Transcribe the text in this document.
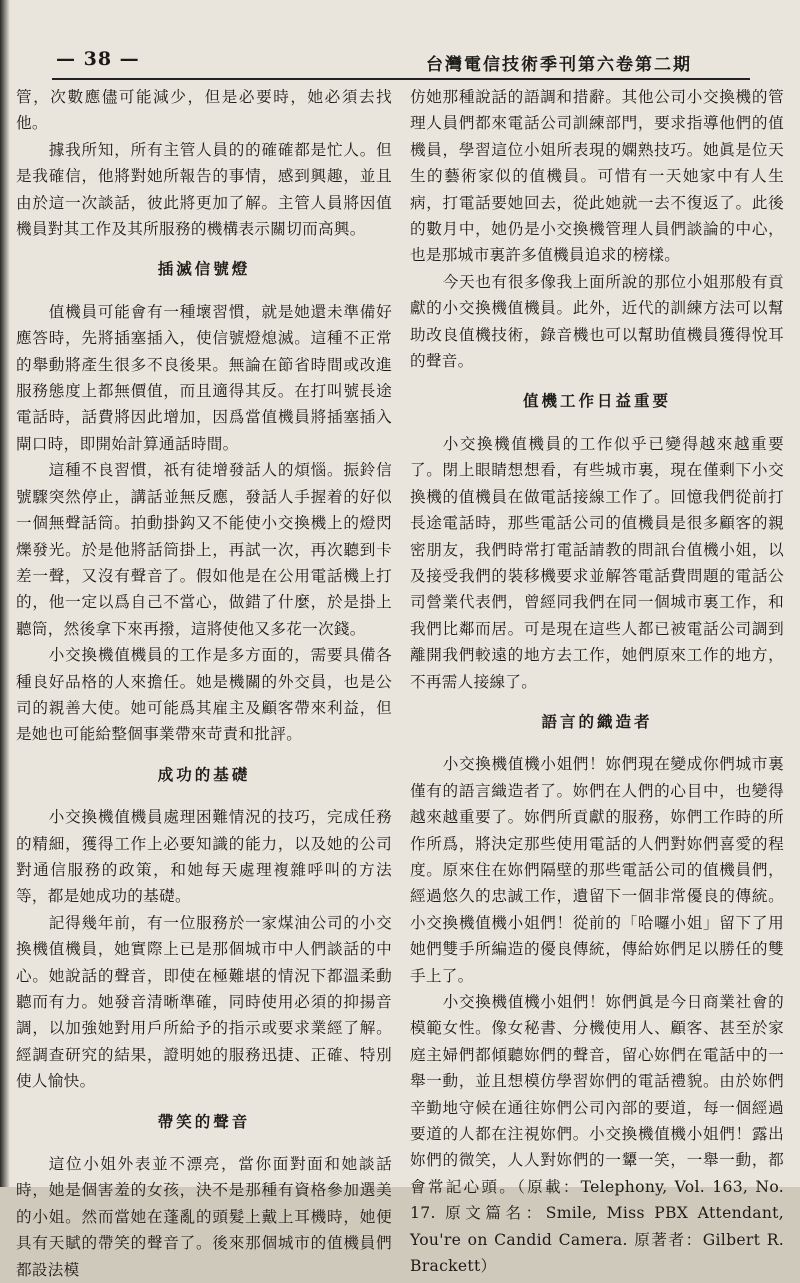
— 38 —	台灣電信技術季刊第六卷第二期

管，次數應儘可能減少，但是必要時，她必須去找他。

據我所知，所有主管人員的的確確都是忙人。但是我確信，他將對她所報告的事情，感到興趣，並且由於這一次談話，彼此將更加了解。主管人員將因值機員對其工作及其所服務的機構表示關切而高興。

插滅信號燈

值機員可能會有一種壞習慣，就是她還未準備好應答時，先將插塞插入，使信號燈熄滅。這種不正常的舉動將產生很多不良後果。無論在節省時間或改進服務態度上都無價值，而且適得其反。在打叫號長途電話時，話費將因此增加，因爲當值機員將插塞插入閘口時，即開始計算通話時間。

這種不良習慣，祇有徒增發話人的煩惱。振鈴信號驟突然停止，講話並無反應，發話人手握着的好似一個無聲話筒。拍動掛鈎又不能使小交換機上的燈閃爍發光。於是他將話筒掛上，再試一次，再次聽到卡差一聲，又沒有聲音了。假如他是在公用電話機上打的，他一定以爲自己不當心，做錯了什麼，於是掛上聽筒，然後拿下來再撥，這將使他又多花一次錢。

小交換機值機員的工作是多方面的，需要具備各種良好品格的人來擔任。她是機關的外交員，也是公司的親善大使。她可能爲其雇主及顧客帶來利益，但是她也可能給整個事業帶來苛責和批評。

成功的基礎

小交換機值機員處理困難情況的技巧，完成任務的精細，獲得工作上必要知識的能力，以及她的公司對通信服務的政策，和她每天處理複雜呼叫的方法等，都是她成功的基礎。

記得幾年前，有一位服務於一家煤油公司的小交換機值機員，她實際上已是那個城市中人們談話的中心。她說話的聲音，即使在極難堪的情況下都溫柔動聽而有力。她發音清晰準確，同時使用必須的抑揚音調，以加強她對用戶所給予的指示或要求業經了解。經調查研究的結果，證明她的服務迅捷、正確、特別使人愉快。

帶笑的聲音

這位小姐外表並不漂亮，當你面對面和她談話時，她是個害羞的女孩，決不是那種有資格參加選美的小姐。然而當她在蓬亂的頭髮上戴上耳機時，她便具有天賦的帶笑的聲音了。後來那個城市的值機員們都設法模

仿她那種說話的語調和措辭。其他公司小交換機的管理人員們都來電話公司訓練部門，要求指導他們的值機員，學習這位小姐所表現的嫻熟技巧。她眞是位天生的藝術家似的值機員。可惜有一天她家中有人生病，打電話要她回去，從此她就一去不復返了。此後的數月中，她仍是小交換機管理人員們談論的中心，也是那城市裏許多值機員追求的榜樣。

今天也有很多像我上面所說的那位小姐那般有貢獻的小交換機值機員。此外，近代的訓練方法可以幫助改良值機技術，錄音機也可以幫助值機員獲得悅耳的聲音。

值機工作日益重要

小交換機值機員的工作似乎已變得越來越重要了。閉上眼睛想想看，有些城市裏，現在僅剩下小交換機的值機員在做電話接線工作了。回憶我們從前打長途電話時，那些電話公司的值機員是很多顧客的親密朋友，我們時常打電話請教的問訊台值機小姐，以及接受我們的裝移機要求並解答電話費問題的電話公司營業代表們，曾經同我們在同一個城市裏工作，和我們比鄰而居。可是現在這些人都已被電話公司調到離開我們較遠的地方去工作，她們原來工作的地方，不再需人接線了。

語言的織造者

小交換機值機小姐們！妳們現在變成你們城市裏僅有的語言織造者了。妳們在人們的心目中，也變得越來越重要了。妳們所貢獻的服務，妳們工作時的所作所爲，將決定那些使用電話的人們對妳們喜愛的程度。原來住在妳們隔壁的那些電話公司的值機員們，經過悠久的忠誠工作，遺留下一個非常優良的傳統。小交換機值機小姐們！從前的「哈囉小姐」留下了用她們雙手所編造的優良傳統，傳給妳們足以勝任的雙手上了。

小交換機值機小姐們！妳們眞是今日商業社會的模範女性。像女秘書、分機使用人、顧客、甚至於家庭主婦們都傾聽妳們的聲音，留心妳們在電話中的一舉一動，並且想模仿學習妳們的電話禮貌。由於妳們辛勤地守候在通往妳們公司內部的要道，每一個經過要道的人都在注視妳們。小交換機值機小姐們！露出妳們的微笑，人人對妳們的一顰一笑，一舉一動，都會常記心頭。（原載：Telephony, Vol. 163, No. 17. 原文篇名：Smile, Miss PBX Attendant, You're on Candid Camera. 原著者：Gilbert R. Brackett）
